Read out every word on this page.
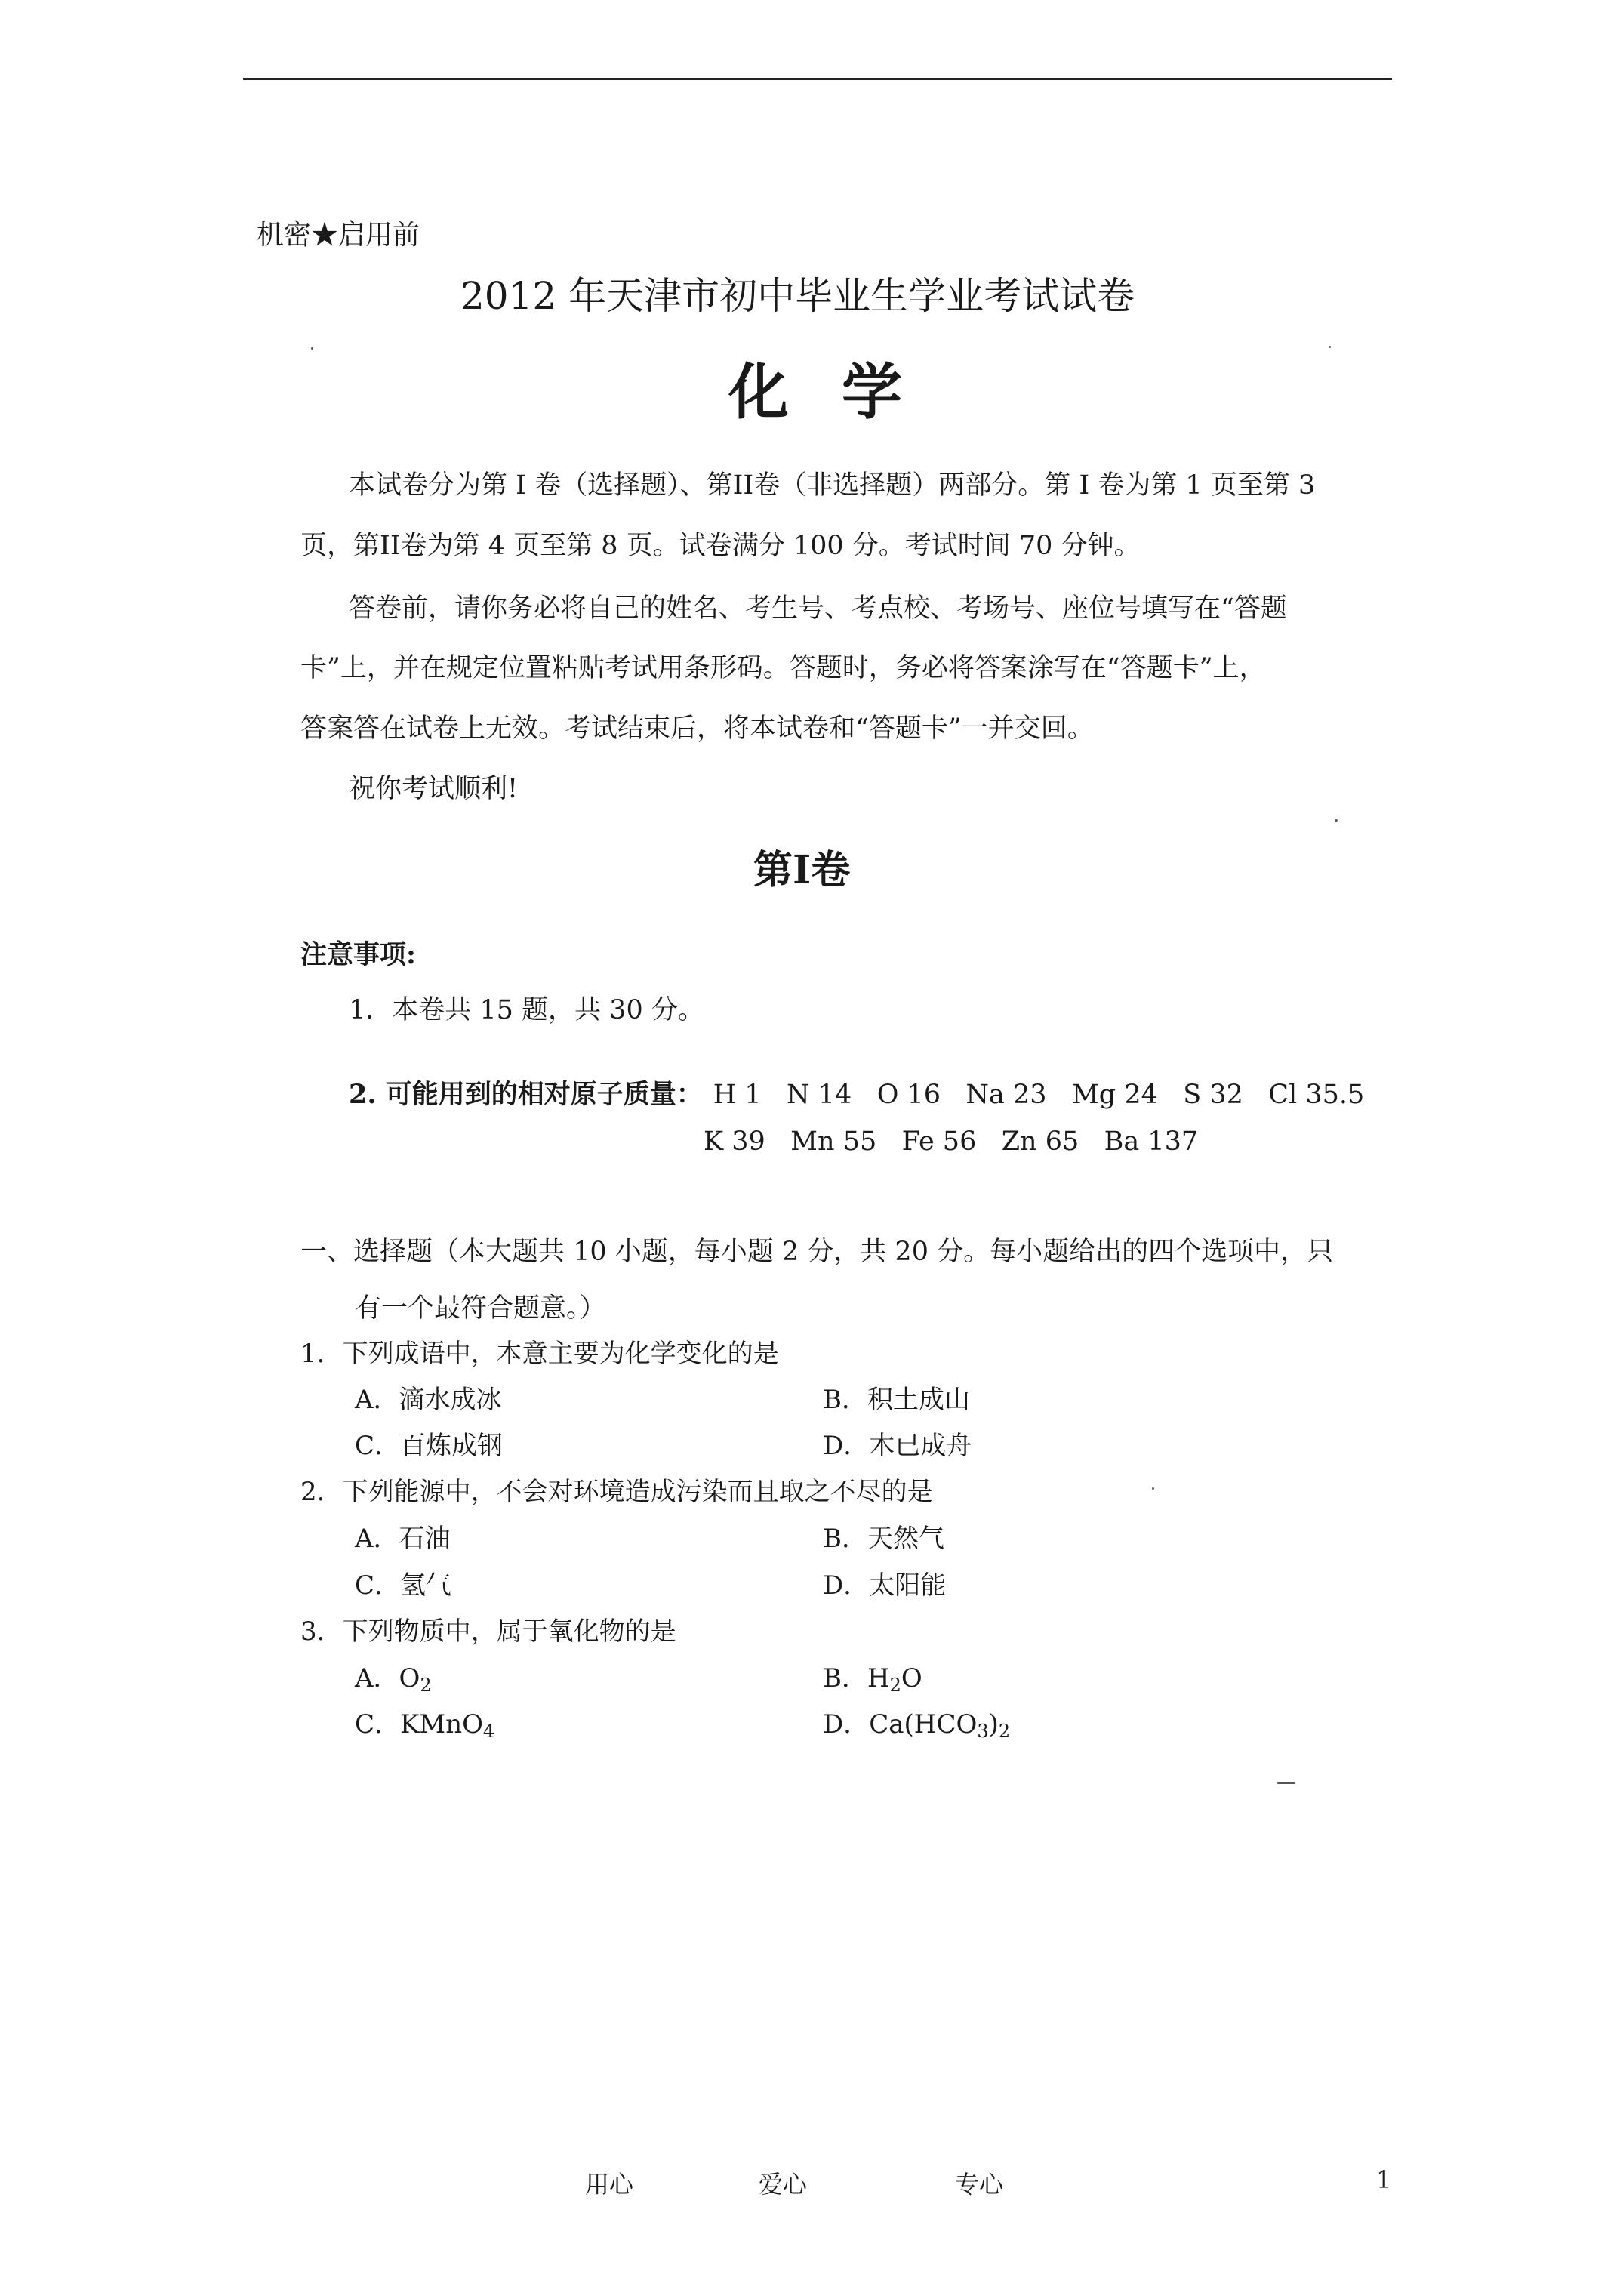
机密★启用前
2012 年天津市初中毕业生学业考试试卷
化学
本试卷分为第 I 卷（选择题）、第II卷（非选择题）两部分。第 I 卷为第 1 页至第 3
页，第II卷为第 4 页至第 8 页。试卷满分 100 分。考试时间 70 分钟。
答卷前，请你务必将自己的姓名、考生号、考点校、考场号、座位号填写在“答题
卡”上，并在规定位置粘贴考试用条形码。答题时，务必将答案涂写在“答题卡”上，
答案答在试卷上无效。考试结束后，将本试卷和“答题卡”一并交回。
祝你考试顺利!
第I卷
注意事项:
1．本卷共 15 题，共 30 分。
2. 可能用到的相对原子质量： H 1   N 14   O 16   Na 23   Mg 24   S 32   Cl 35.5
K 39   Mn 55   Fe 56   Zn 65   Ba 137
一、选择题（本大题共 10 小题，每小题 2 分，共 20 分。每小题给出的四个选项中，只
有一个最符合题意。）
1．下列成语中，本意主要为化学变化的是
A．滴水成冰	B．积土成山
C．百炼成钢	D．木已成舟
2．下列能源中，不会对环境造成污染而且取之不尽的是
A．石油	B．天然气
C．氢气	D．太阳能
3．下列物质中，属于氧化物的是
A．$O_2$	B．$H_2O$
C．KMnO$_4$	D．$Ca(HCO_3)_2$
用心	爱心	专心	1
